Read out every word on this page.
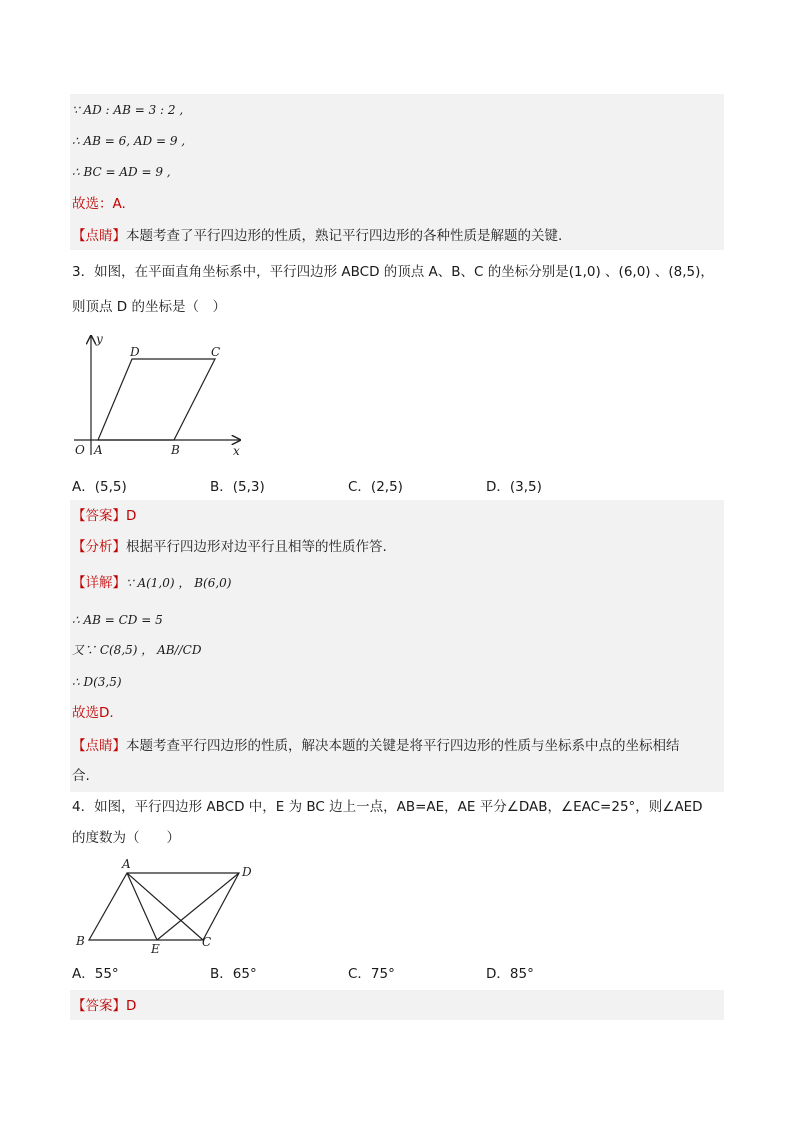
∵ AD : AB = 3 : 2 ,
∴ AB = 6, AD = 9 ,
∴ BC = AD = 9 ,
故选：A.
【点睛】本题考查了平行四边形的性质，熟记平行四边形的各种性质是解题的关键.
3．如图，在平面直角坐标系中，平行四边形 ABCD 的顶点 A、B、C 的坐标分别是(1,0) 、(6,0) 、(8,5)，
则顶点 D 的坐标是（　）
y
x
O A	B
C
D
A．(5,5)	B．(5,3)	C．(2,5)	D．(3,5)
【答案】D
【分析】根据平行四边形对边平行且相等的性质作答.
【详解】∵ A(1,0) ， B(6,0)
∴ AB = CD = 5
又∵ C(8,5) ， AB//CD
∴ D(3,5)
故选D.
【点睛】本题考查平行四边形的性质，解决本题的关键是将平行四边形的性质与坐标系中点的坐标相结
合.
4．如图，平行四边形 ABCD 中，E 为 BC 边上一点，AB=AE，AE 平分∠DAB，∠EAC=25°，则∠AED
的度数为（　　）
A
D
B	C
E
A．55°	B．65°	C．75°	D．85°
【答案】D
